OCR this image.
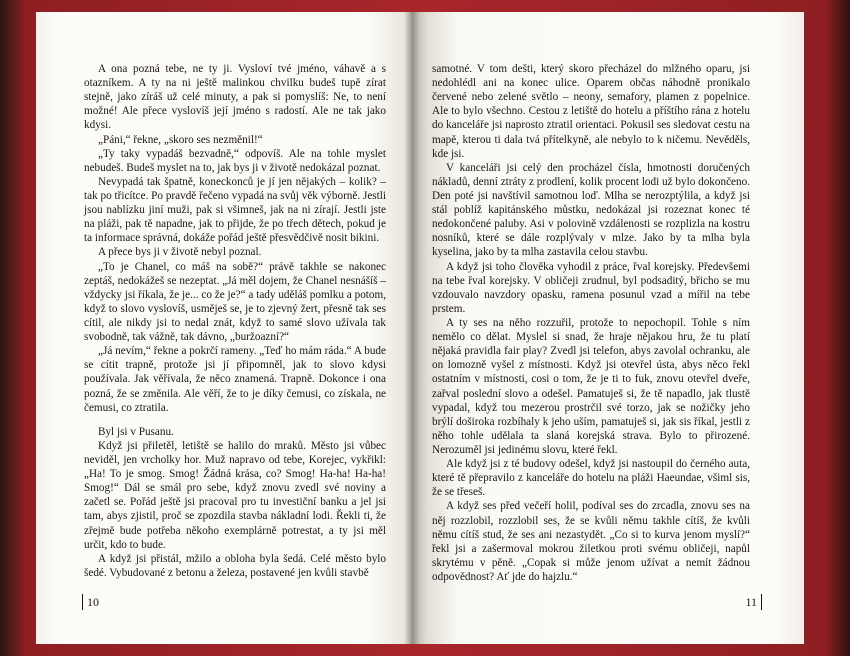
A ona pozná tebe, ne ty ji. Vysloví tvé jméno, váhavě a s otazníkem. A ty na ni ještě malinkou chvilku budeš tupě zírat stejně, jako zíráš už celé minuty, a pak si pomyslíš: Ne, to není možné! Ale přece vyslovíš její jméno s radostí. Ale ne tak jako kdysi.

„Páni,“ řekne, „skoro ses nezměnil!“

„Ty taky vypadáš bezvadně,“ odpovíš. Ale na tohle myslet nebudeš. Budeš myslet na to, jak bys ji v životě nedokázal poznat.

Nevypadá tak špatně, koneckonců je jí jen nějakých – kolik? – tak po třicítce. Po pravdě řečeno vypadá na svůj věk výborně. Jestli jsou nablízku jiní muži, pak si všimneš, jak na ni zírají. Jestli jste na pláži, pak tě napadne, jak to přijde, že po třech dětech, pokud je ta informace správná, dokáže pořád ještě přesvědčivě nosit bikini.

A přece bys ji v životě nebyl poznal.

„To je Chanel, co máš na sobě?“ právě takhle se nakonec zeptáš, nedokážeš se nezeptat. „Já měl dojem, že Chanel nesnášíš – vždycky jsi říkala, že je... co že je?“ a tady uděláš pomlku a potom, když to slovo vyslovíš, usměješ se, je to zjevný žert, přesně tak ses cítil, ale nikdy jsi to nedal znát, když to samé slovo užívala tak svobodně, tak vážně, tak dávno, „buržoazní?“

„Já nevím,“ řekne a pokrčí rameny. „Teď ho mám ráda.“ A bude se cítit trapně, protože jsi jí připomněl, jak to slovo kdysi používala. Jak věřívala, že něco znamená. Trapně. Dokonce i ona pozná, že se změnila. Ale věří, že to je díky čemusi, co získala, ne čemusi, co ztratila.

Byl jsi v Pusanu.

Když jsi přiletěl, letiště se halilo do mraků. Město jsi vůbec neviděl, jen vrcholky hor. Muž napravo od tebe, Korejec, vykřikl: „Ha! To je smog. Smog! Žádná krása, co? Smog! Ha-ha! Ha-ha! Smog!“ Dál se smál pro sebe, když znovu zvedl své noviny a začetl se. Pořád ještě jsi pracoval pro tu investiční banku a jel jsi tam, abys zjistil, proč se zpozdila stavba nákladní lodi. Řekli ti, že zřejmě bude potřeba někoho exemplárně potrestat, a ty jsi měl určit, kdo to bude.

A když jsi přistál, mžilo a obloha byla šedá. Celé město bylo šedé. Vybudované z betonu a železa, postavené jen kvůli stavbě

10

samotné. V tom dešti, který skoro přecházel do mlžného oparu, jsi nedohlédl ani na konec ulice. Oparem občas náhodně pronikalo červené nebo zelené světlo – neony, semafory, plamen z popelnice. Ale to bylo všechno. Cestou z letiště do hotelu a příštího rána z hotelu do kanceláře jsi naprosto ztratil orientaci. Pokusil ses sledovat cestu na mapě, kterou ti dala tvá přítelkyně, ale nebylo to k ničemu. Nevěděls, kde jsi.

V kanceláři jsi celý den procházel čísla, hmotnosti doručených nákladů, denní ztráty z prodlení, kolik procent lodi už bylo dokončeno. Den poté jsi navštívil samotnou loď. Mlha se nerozptýlila, a když jsi stál poblíž kapitánského můstku, nedokázal jsi rozeznat konec té nedokončené paluby. Asi v polovině vzdálenosti se rozplizla na kostru nosníků, které se dále rozplývaly v mlze. Jako by ta mlha byla kyselina, jako by ta mlha zastavila celou stavbu.

A když jsi toho člověka vyhodil z práce, řval korejsky. Předevšemi na tebe řval korejsky. V obličeji zrudnul, byl podsaditý, břicho se mu vzdouvalo navzdory opasku, ramena posunul vzad a mířil na tebe prstem.

A ty ses na něho rozzuřil, protože to nepochopil. Tohle s ním nemělo co dělat. Myslel si snad, že hraje nějakou hru, že tu platí nějaká pravidla fair play? Zvedl jsi telefon, abys zavolal ochranku, ale on lomozně vyšel z místnosti. Když jsi otevřel ústa, abys něco řekl ostatním v místnosti, cosi o tom, že je ti to fuk, znovu otevřel dveře, zařval poslední slovo a odešel. Pamatuješ si, že tě napadlo, jak tlustě vypadal, když tou mezerou prostrčil své torzo, jak se nožičky jeho brýlí doširoka rozbíhaly k jeho uším, pamatuješ si, jak sis říkal, jestli z něho tohle udělala ta slaná korejská strava. Bylo to přirozené. Nerozuměl jsi jedinému slovu, které řekl.

Ale když jsi z té budovy odešel, když jsi nastoupil do černého auta, které tě přepravilo z kanceláře do hotelu na pláži Haeundae, všiml sis, že se třeseš.

A když ses před večeří holil, podíval ses do zrcadla, znovu ses na něj rozzlobil, rozzlobil ses, že se kvůli němu takhle cítíš, že kvůli němu cítíš stud, že ses ani nezastydět. „Co si to kurva jenom myslí?“ řekl jsi a zašermoval mokrou žiletkou proti svému obličeji, napůl skrytému v pěně. „Copak si může jenom užívat a nemít žádnou odpovědnost? Ať jde do hajzlu.“

11
